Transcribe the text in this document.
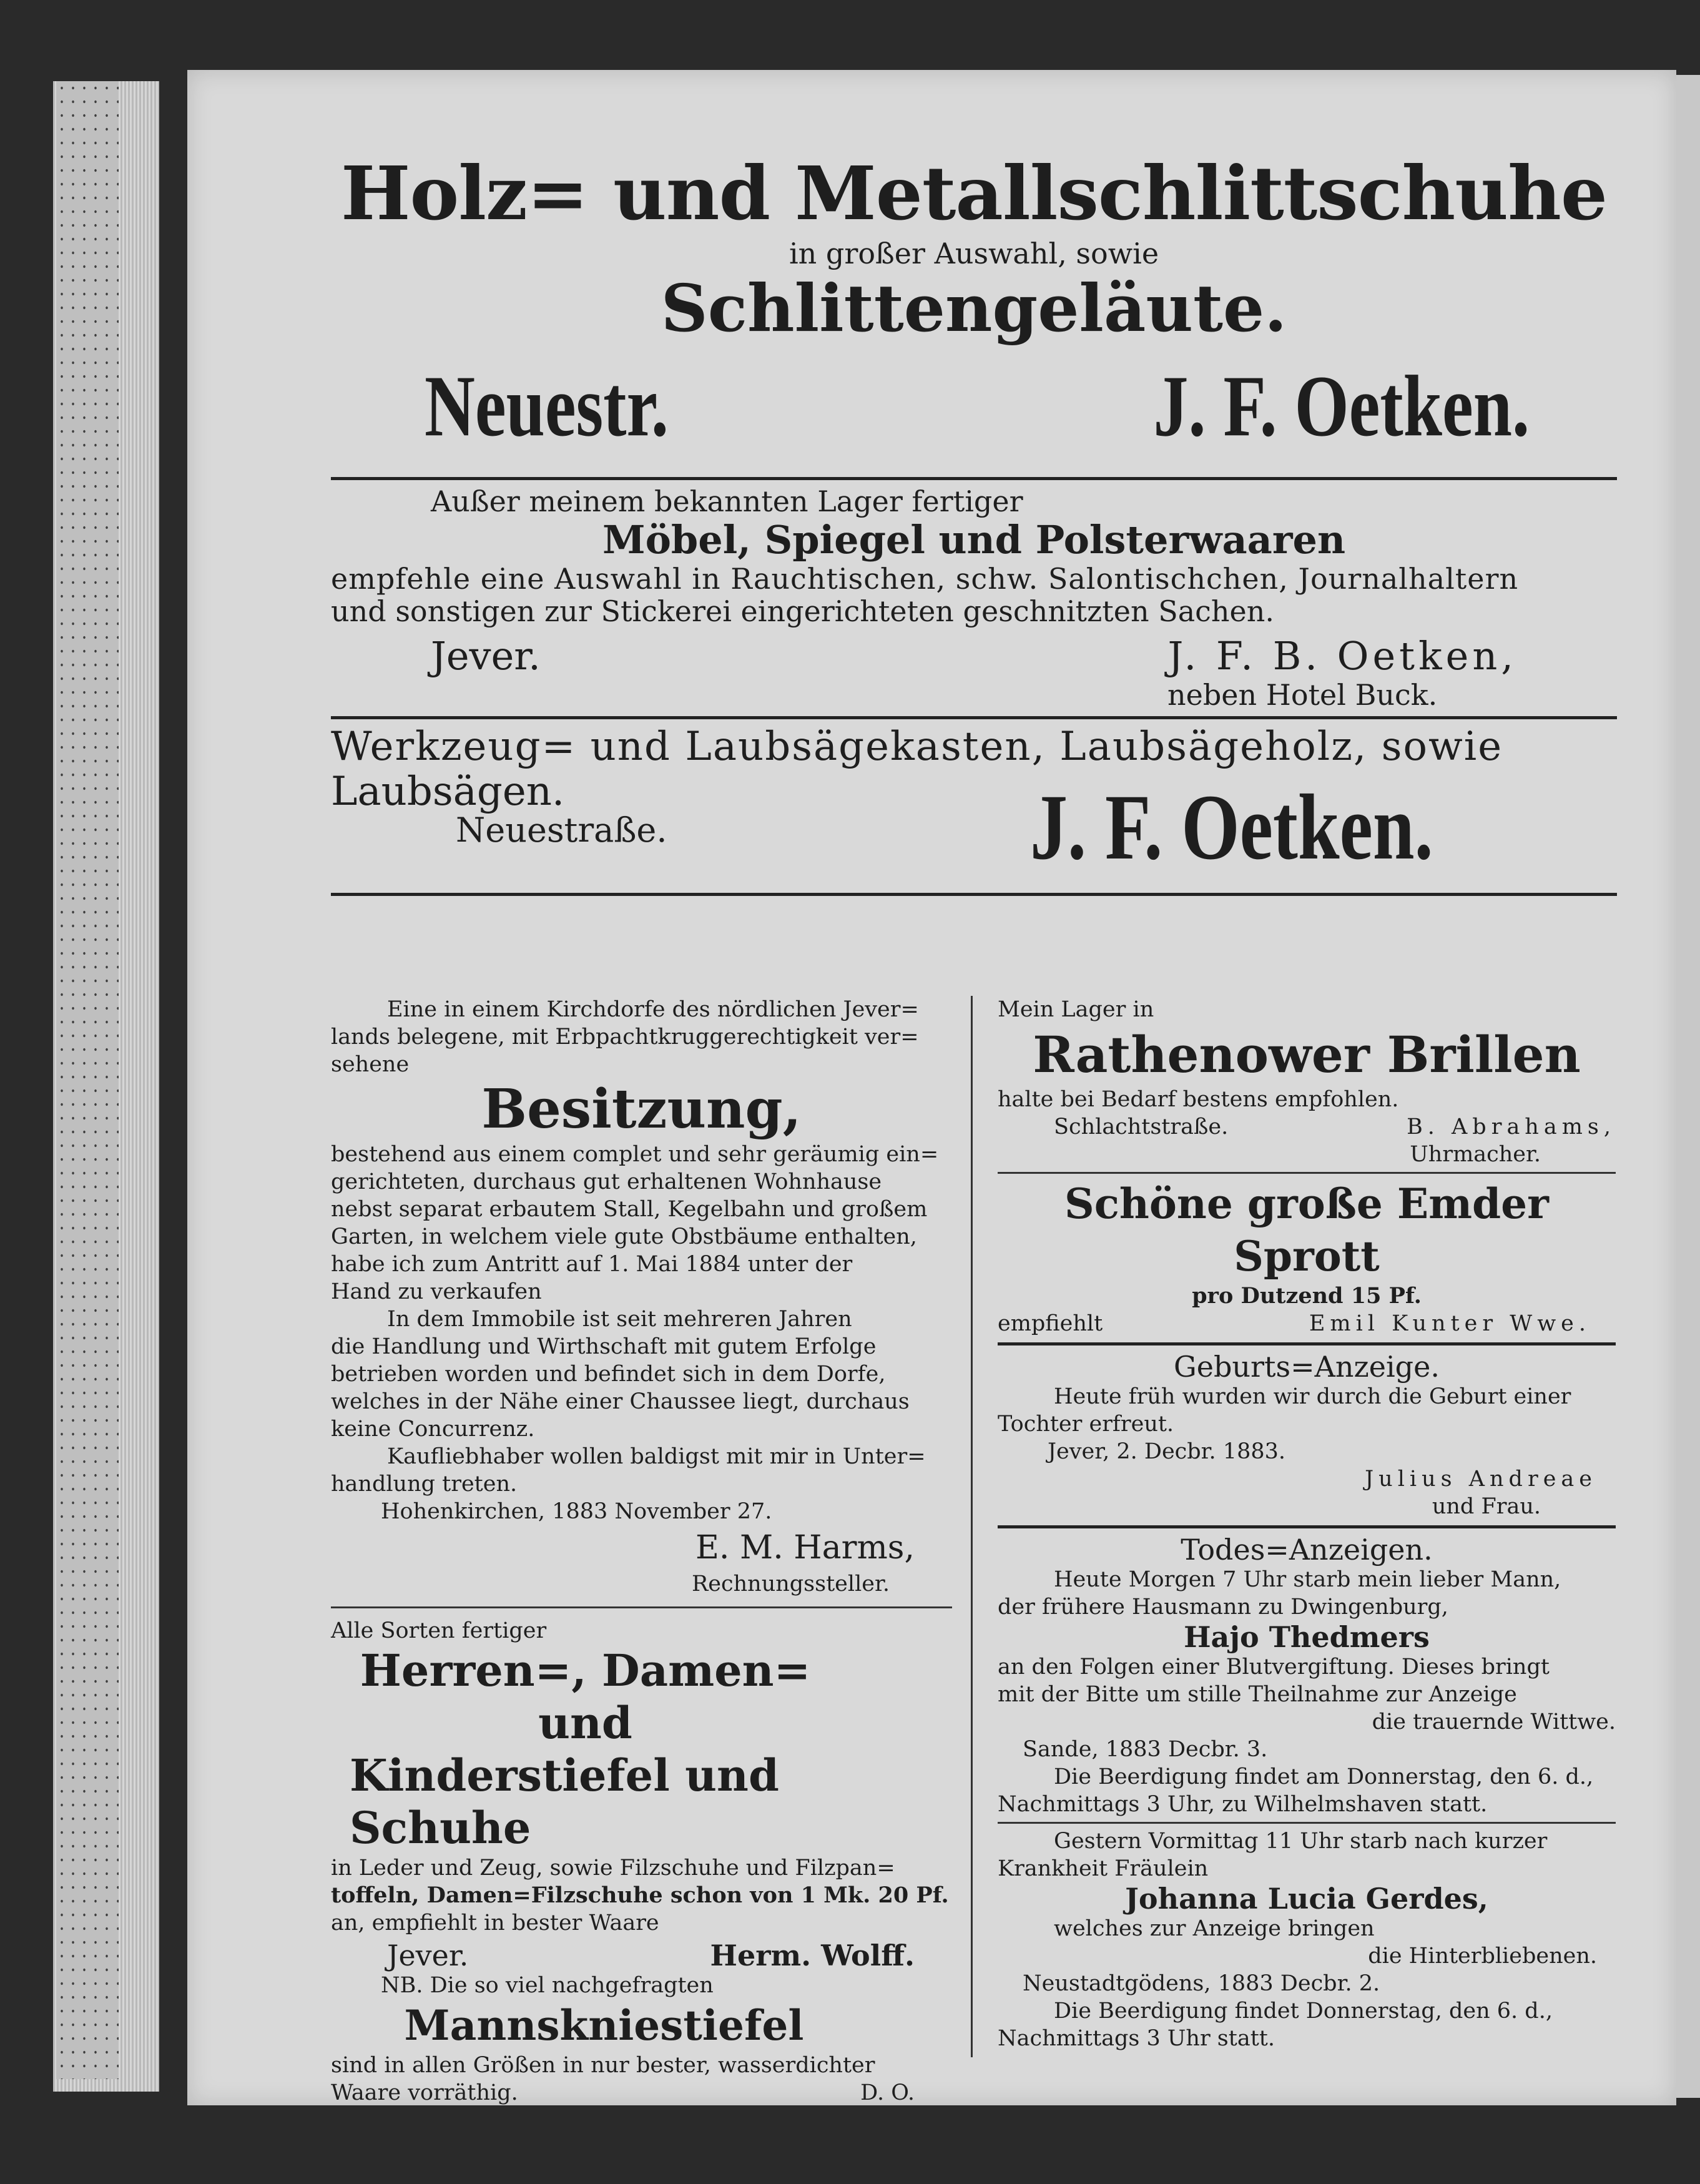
Holz= und Metallschlittschuhe
in großer Auswahl, sowie
Schlittengeläute.
Neuestr.	J. F. Oetken.
Außer meinem bekannten Lager fertiger
Möbel, Spiegel und Polsterwaaren
empfehle eine Auswahl in Rauchtischen, schw. Salontischchen, Journalhaltern
und sonstigen zur Stickerei eingerichteten geschnitzten Sachen.
Jever.	J. F. B. Oetken,
neben Hotel Buck.
Werkzeug= und Laubsägekasten, Laubsägeholz, sowie
Laubsägen.
Neuestraße.	J. F. Oetken.
Eine in einem Kirchdorfe des nördlichen Jever=
lands belegene, mit Erbpachtkruggerechtigkeit ver=
sehene
Besitzung,
bestehend aus einem complet und sehr geräumig ein=
gerichteten, durchaus gut erhaltenen Wohnhause
nebst separat erbautem Stall, Kegelbahn und großem
Garten, in welchem viele gute Obstbäume enthalten,
habe ich zum Antritt auf 1. Mai 1884 unter der
Hand zu verkaufen
In dem Immobile ist seit mehreren Jahren
die Handlung und Wirthschaft mit gutem Erfolge
betrieben worden und befindet sich in dem Dorfe,
welches in der Nähe einer Chaussee liegt, durchaus
keine Concurrenz.
Kaufliebhaber wollen baldigst mit mir in Unter=
handlung treten.
Hohenkirchen, 1883 November 27.
E. M. Harms,
Rechnungssteller.
Alle Sorten fertiger
Herren=, Damen= und
Kinderstiefel und Schuhe
in Leder und Zeug, sowie Filzschuhe und Filzpan=
toffeln, Damen=Filzschuhe schon von 1 Mk. 20 Pf.
an, empfiehlt in bester Waare
Jever.	Herm. Wolff.
NB. Die so viel nachgefragten
Mannskniestiefel
sind in allen Größen in nur bester, wasserdichter
Waare vorräthig.	D. O.
Mein Lager in
Rathenower Brillen
halte bei Bedarf bestens empfohlen.
Schlachtstraße.	B. Abrahams,
Uhrmacher.
Schöne große Emder Sprott
pro Dutzend 15 Pf.
empfiehlt	Emil Kunter Wwe.
Geburts=Anzeige.
Heute früh wurden wir durch die Geburt einer
Tochter erfreut.
Jever, 2. Decbr. 1883.
Julius Andreae
und Frau.
Todes=Anzeigen.
Heute Morgen 7 Uhr starb mein lieber Mann,
der frühere Hausmann zu Dwingenburg,
Hajo Thedmers
an den Folgen einer Blutvergiftung. Dieses bringt
mit der Bitte um stille Theilnahme zur Anzeige
die trauernde Wittwe.
Sande, 1883 Decbr. 3.
Die Beerdigung findet am Donnerstag, den 6. d.,
Nachmittags 3 Uhr, zu Wilhelmshaven statt.
Gestern Vormittag 11 Uhr starb nach kurzer
Krankheit Fräulein
Johanna Lucia Gerdes,
welches zur Anzeige bringen
die Hinterbliebenen.
Neustadtgödens, 1883 Decbr. 2.
Die Beerdigung findet Donnerstag, den 6. d.,
Nachmittags 3 Uhr statt.
